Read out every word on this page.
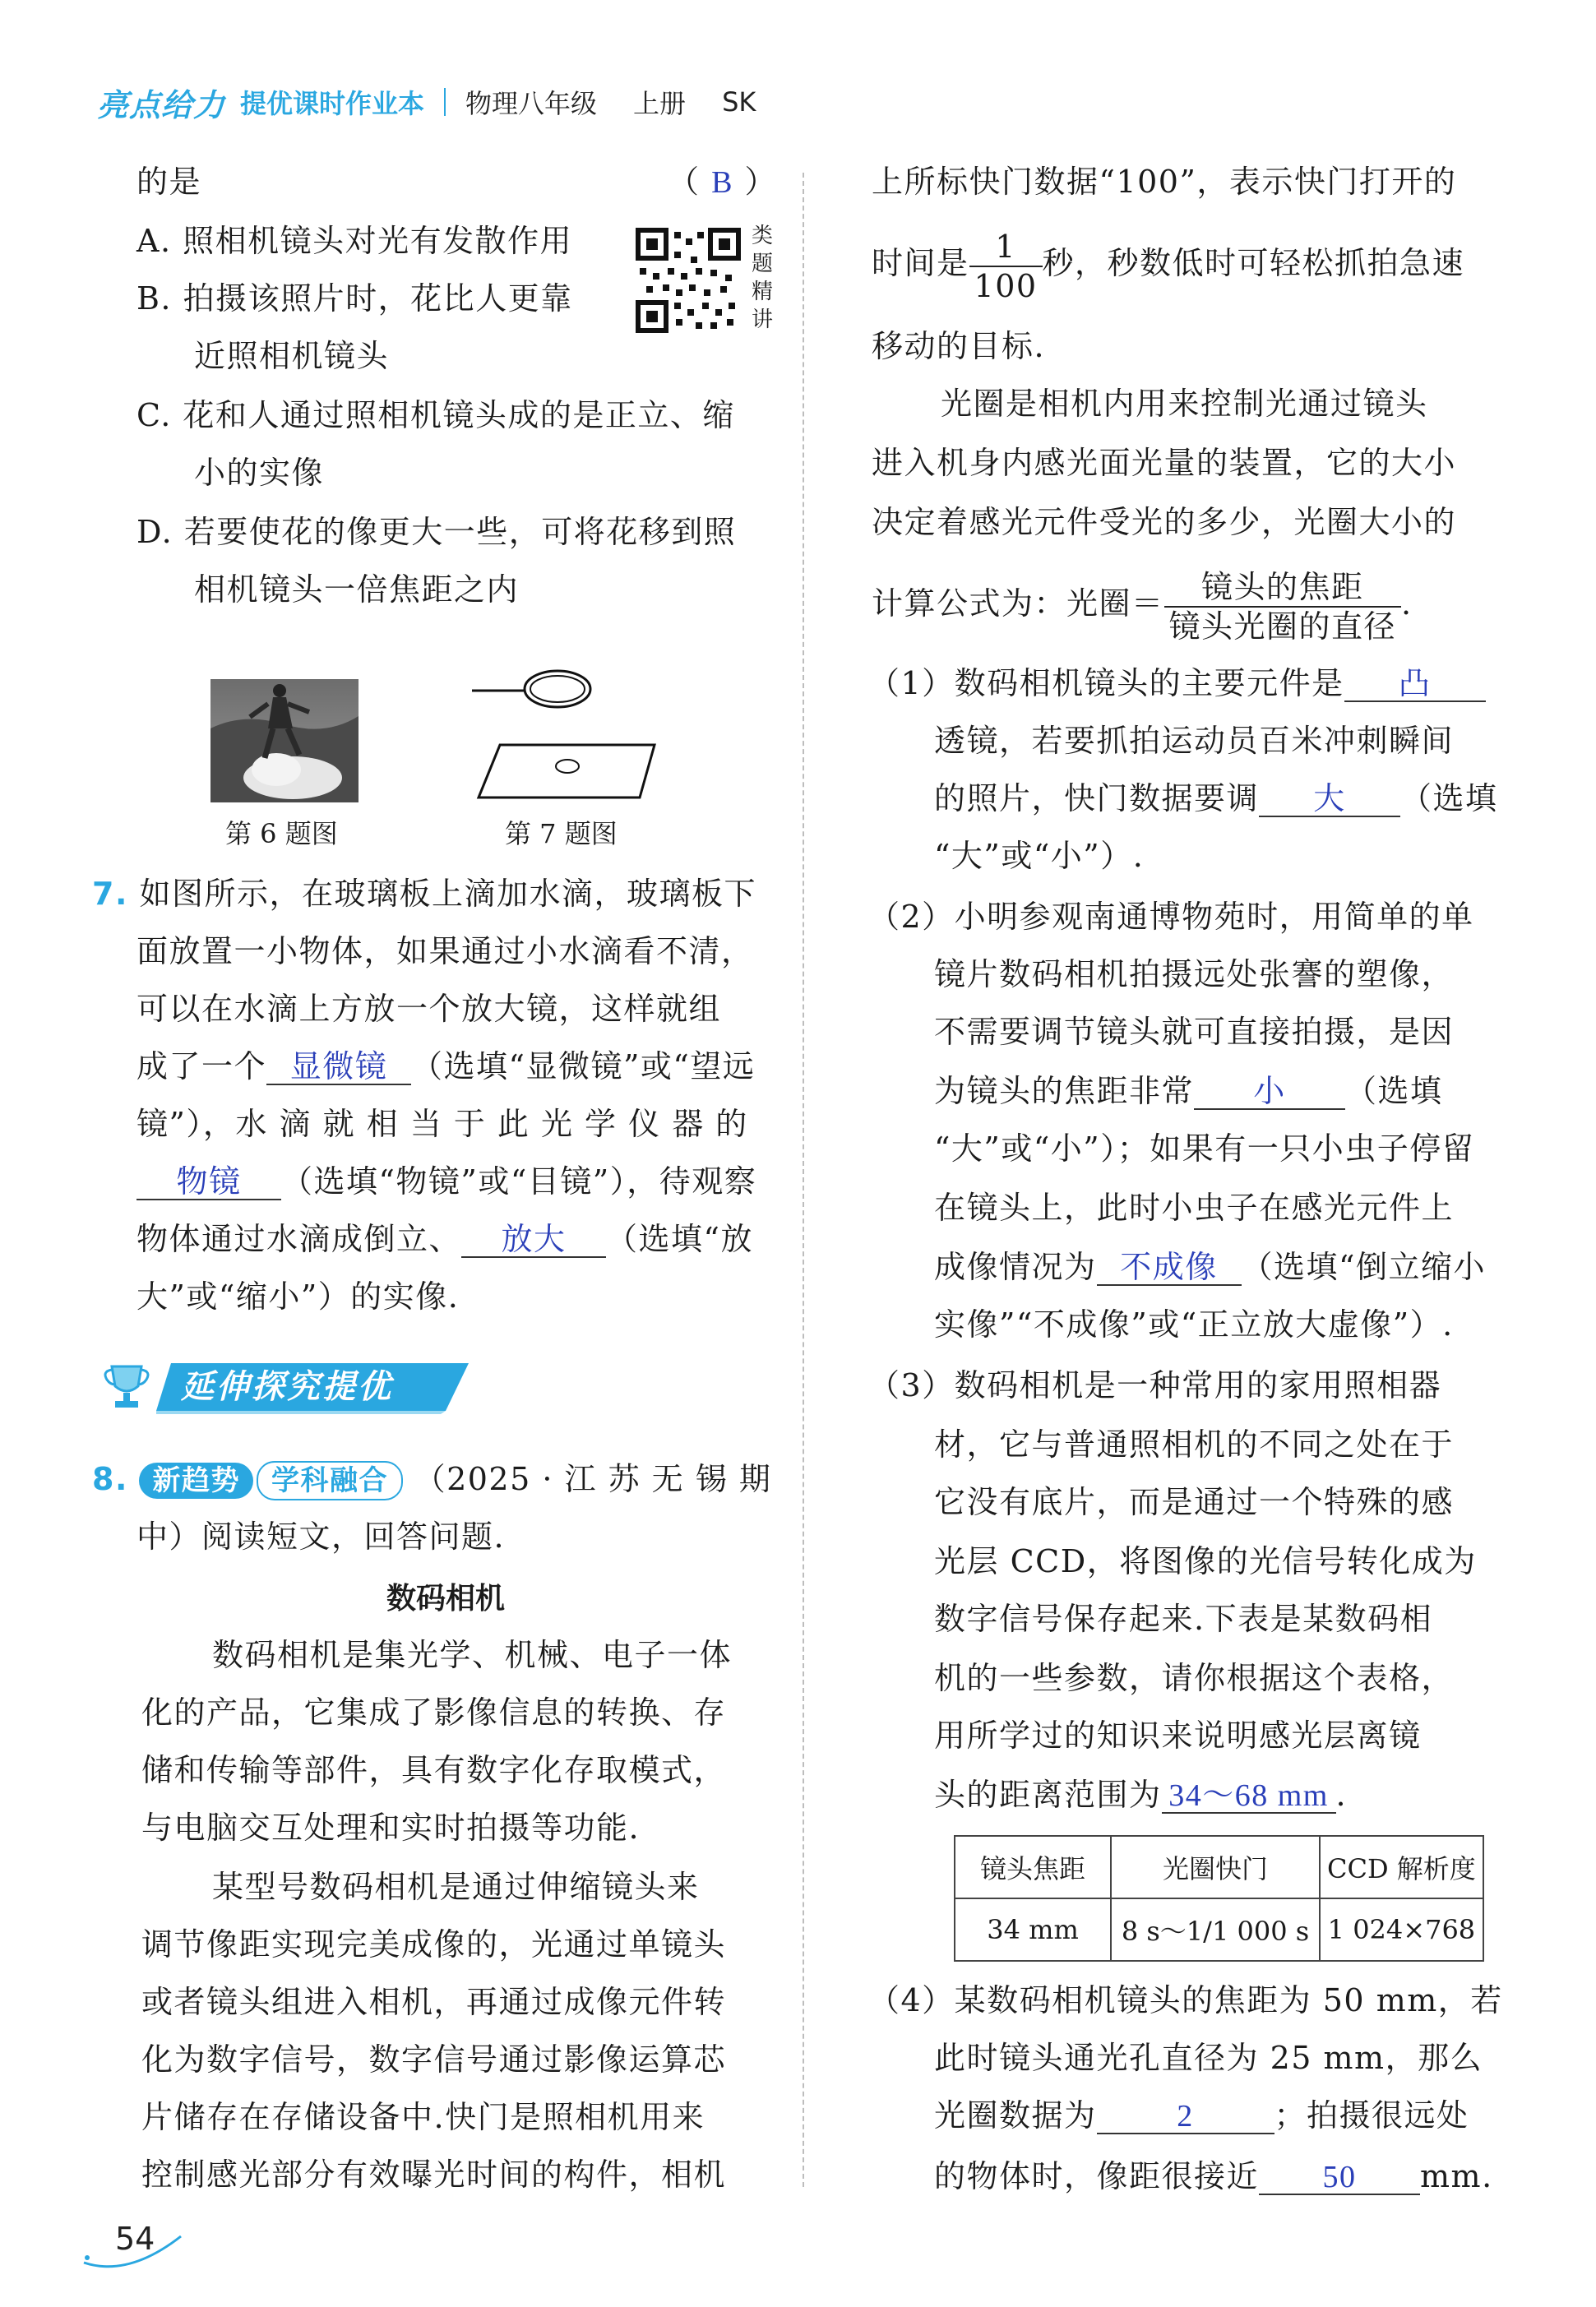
亮点给力 提优课时作业本 物理八年级 上册 SK
的是	（ B ）
A. 照相机镜头对光有发散作用
B. 拍摄该照片时，花比人更靠
近照相机镜头
C. 花和人通过照相机镜头成的是正立、缩
小的实像
D. 若要使花的像更大一些，可将花移到照
相机镜头一倍焦距之内
类
题
精
讲
第 6 题图	第 7 题图
7. 如图所示，在玻璃板上滴加水滴，玻璃板下
面放置一小物体，如果通过小水滴看不清，
可以在水滴上方放一个放大镜，这样就组
成了一个 显微镜 （选填“显微镜”或“望远
镜”），水 滴 就 相 当 于 此 光 学 仪 器 的
物镜 （选填“物镜”或“目镜”），待观察
物体通过水滴成倒立、 放大 （选填“放
大”或“缩小”）的实像.
延伸探究提优
8. 新趋势 学科融合 （2025 · 江 苏 无 锡 期
中）阅读短文，回答问题.
数码相机
数码相机是集光学、机械、电子一体
化的产品，它集成了影像信息的转换、存
储和传输等部件，具有数字化存取模式，
与电脑交互处理和实时拍摄等功能.
某型号数码相机是通过伸缩镜头来
调节像距实现完美成像的，光通过单镜头
或者镜头组进入相机，再通过成像元件转
化为数字信号，数字信号通过影像运算芯
片储存在存储设备中.快门是照相机用来
控制感光部分有效曝光时间的构件，相机
54
上所标快门数据“100”，表示快门打开的
时间是 $\frac{1}{100}$ 秒，秒数低时可轻松抓拍急速
移动的目标.
光圈是相机内用来控制光通过镜头
进入机身内感光面光量的装置，它的大小
决定着感光元件受光的多少，光圈大小的
计算公式为：光圈＝ $\frac{\text{镜头的焦距}}{\text{镜头光圈的直径}}$ .
（1）数码相机镜头的主要元件是 凸
透镜，若要抓拍运动员百米冲刺瞬间
的照片，快门数据要调 大 （选填
“大”或“小”）.
（2）小明参观南通博物苑时，用简单的单
镜片数码相机拍摄远处张謇的塑像，
不需要调节镜头就可直接拍摄，是因
为镜头的焦距非常 小 （选填
“大”或“小”）；如果有一只小虫子停留
在镜头上，此时小虫子在感光元件上
成像情况为 不成像 （选填“倒立缩小
实像”“不成像”或“正立放大虚像”）.
（3）数码相机是一种常用的家用照相器
材，它与普通照相机的不同之处在于
它没有底片，而是通过一个特殊的感
光层 CCD，将图像的光信号转化成为
数字信号保存起来.下表是某数码相
机的一些参数，请你根据这个表格，
用所学过的知识来说明感光层离镜
头的距离范围为 34～68 mm .
镜头焦距	光圈快门	CCD 解析度
34 mm	8 s～1/1 000 s	1 024×768
（4）某数码相机镜头的焦距为 50 mm，若
此时镜头通光孔直径为 25 mm，那么
光圈数据为	2	；拍摄很远处
的物体时，像距很接近 50 mm.
